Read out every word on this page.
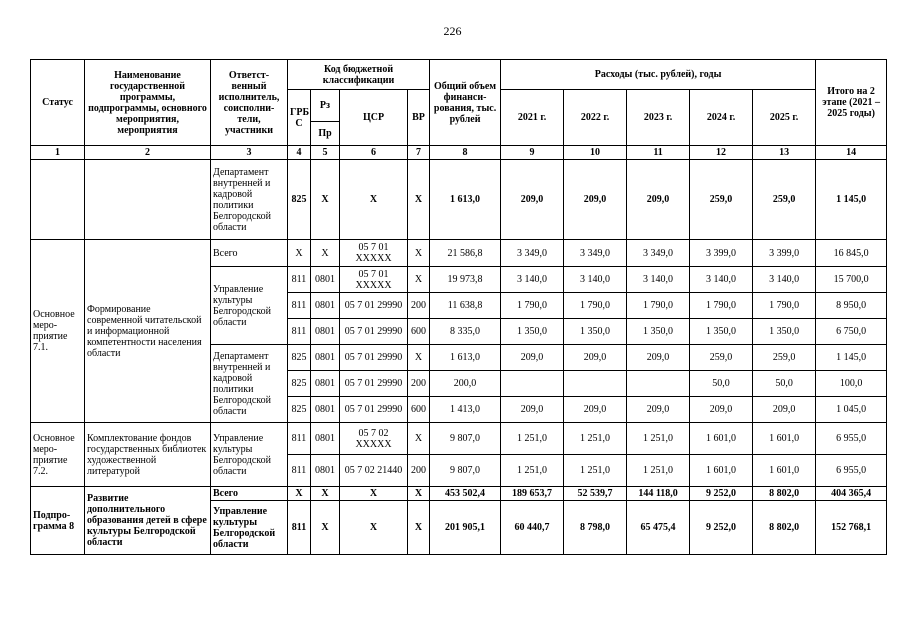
226
Статус	Наименование государственной программы, подпрограммы, основного мероприятия, мероприятия	Ответст-венный исполнитель, соисполни-тели, участники	Код бюджетной классификации				Общий объем финанси-рования, тыс. рублей	Расходы (тыс. рублей), годы					Итого на 2 этапе (2021 – 2025 годы)
			ГРБ С	Рз	ЦСР	ВР		2021 г.	2022 г.	2023 г.	2024 г.	2025 г.	
				Пр									
1	2	3	4	5	6	7	8	9	10	11	12	13	14
		Департамент внутренней и кадровой политики Белгородской области	825	X	X	X	1 613,0	209,0	209,0	209,0	259,0	259,0	1 145,0
Основное меро-приятие 7.1.	Формирование современной читательской и информационной компетентности населения области	Всего	X	X	05 7 01 XXXXX	X	21 586,8	3 349,0	3 349,0	3 349,0	3 399,0	3 399,0	16 845,0
		Управление культуры Белгородской области	811	0801	05 7 01 XXXXX	X	19 973,8	3 140,0	3 140,0	3 140,0	3 140,0	3 140,0	15 700,0
			811	0801	05 7 01 29990	200	11 638,8	1 790,0	1 790,0	1 790,0	1 790,0	1 790,0	8 950,0
			811	0801	05 7 01 29990	600	8 335,0	1 350,0	1 350,0	1 350,0	1 350,0	1 350,0	6 750,0
		Департамент внутренней и кадровой политики Белгородской области	825	0801	05 7 01 29990	X	1 613,0	209,0	209,0	209,0	259,0	259,0	1 145,0
			825	0801	05 7 01 29990	200	200,0				50,0	50,0	100,0
			825	0801	05 7 01 29990	600	1 413,0	209,0	209,0	209,0	209,0	209,0	1 045,0
Основное меро-приятие 7.2.	Комплектование фондов государственных библиотек художественной литературой	Управление культуры Белгородской области	811	0801	05 7 02 XXXXX	X	9 807,0	1 251,0	1 251,0	1 251,0	1 601,0	1 601,0	6 955,0
			811	0801	05 7 02 21440	200	9 807,0	1 251,0	1 251,0	1 251,0	1 601,0	1 601,0	6 955,0
Подпро-грамма 8	Развитие дополнительного образования детей в сфере культуры Белгородской области	Всего	X	X	X	X	453 502,4	189 653,7	52 539,7	144 118,0	9 252,0	8 802,0	404 365,4
		Управление культуры Белгородской области	811	X	X	X	201 905,1	60 440,7	8 798,0	65 475,4	9 252,0	8 802,0	152 768,1
